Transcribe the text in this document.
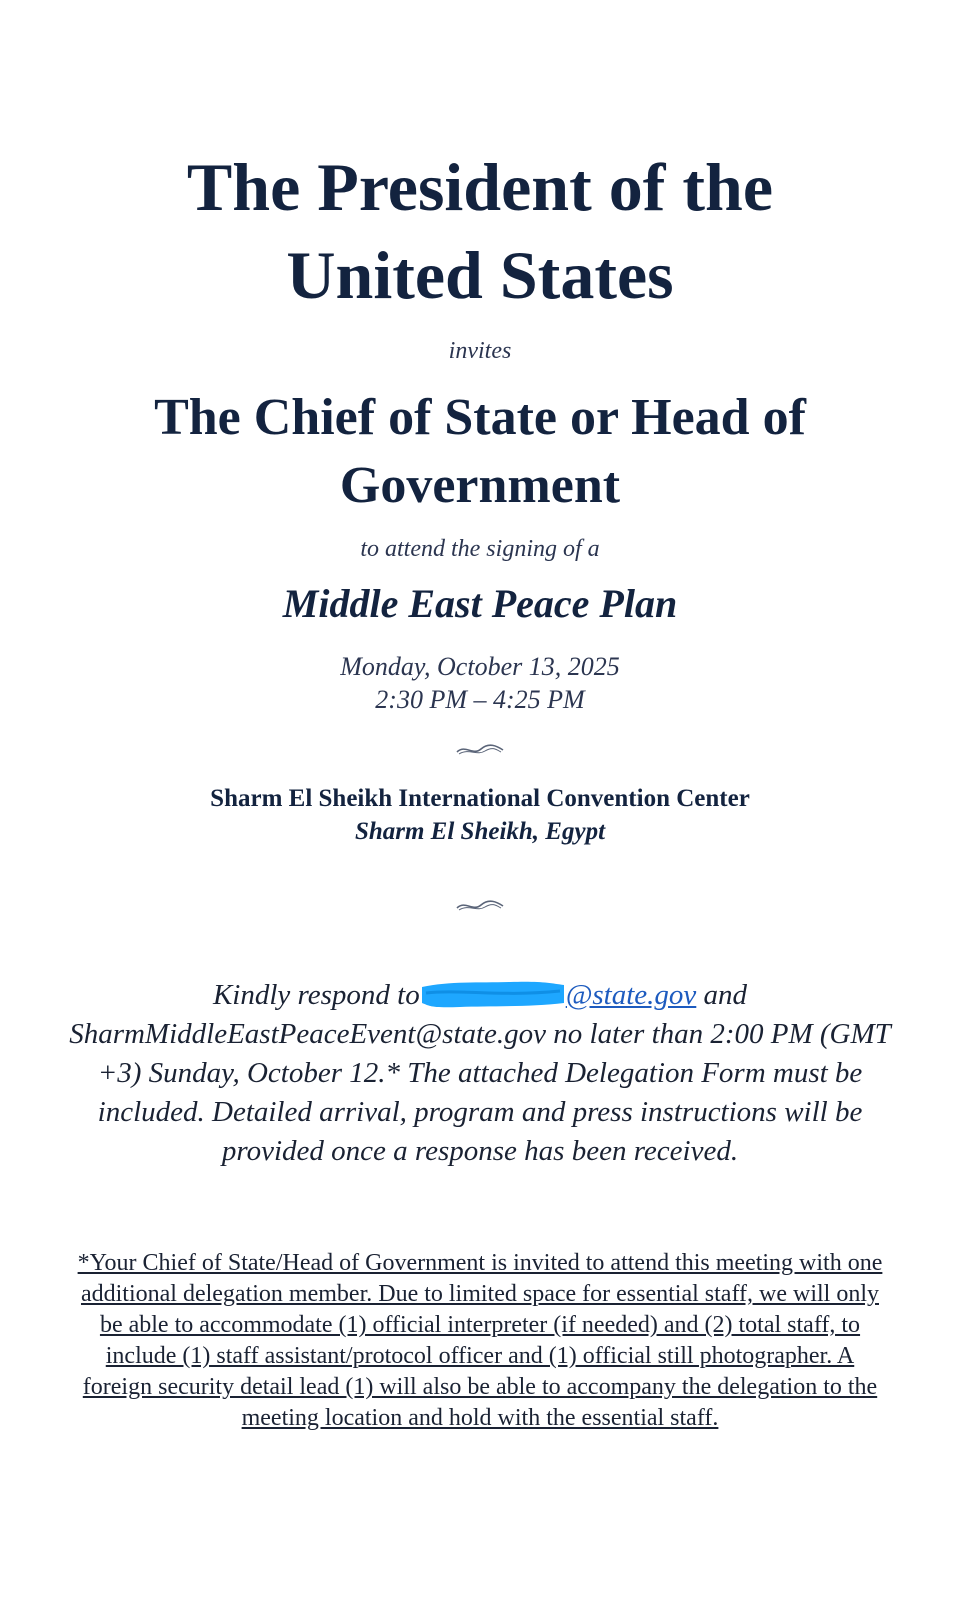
The President of the
United States
invites
The Chief of State or Head of
Government
to attend the signing of a
Middle East Peace Plan
Monday, October 13, 2025
2:30 PM – 4:25 PM
Sharm El Sheikh International Convention Center
Sharm El Sheikh, Egypt
Kindly respond to	@state.gov and SharmMiddleEastPeaceEvent@state.gov no later than 2:00 PM (GMT +3) Sunday, October 12.* The attached Delegation Form must be included. Detailed arrival, program and press instructions will be provided once a response has been received.
*Your Chief of State/Head of Government is invited to attend this meeting with one additional delegation member. Due to limited space for essential staff, we will only be able to accommodate (1) official interpreter (if needed) and (2) total staff, to include (1) staff assistant/protocol officer and (1) official still photographer. A foreign security detail lead (1) will also be able to accompany the delegation to the meeting location and hold with the essential staff.
